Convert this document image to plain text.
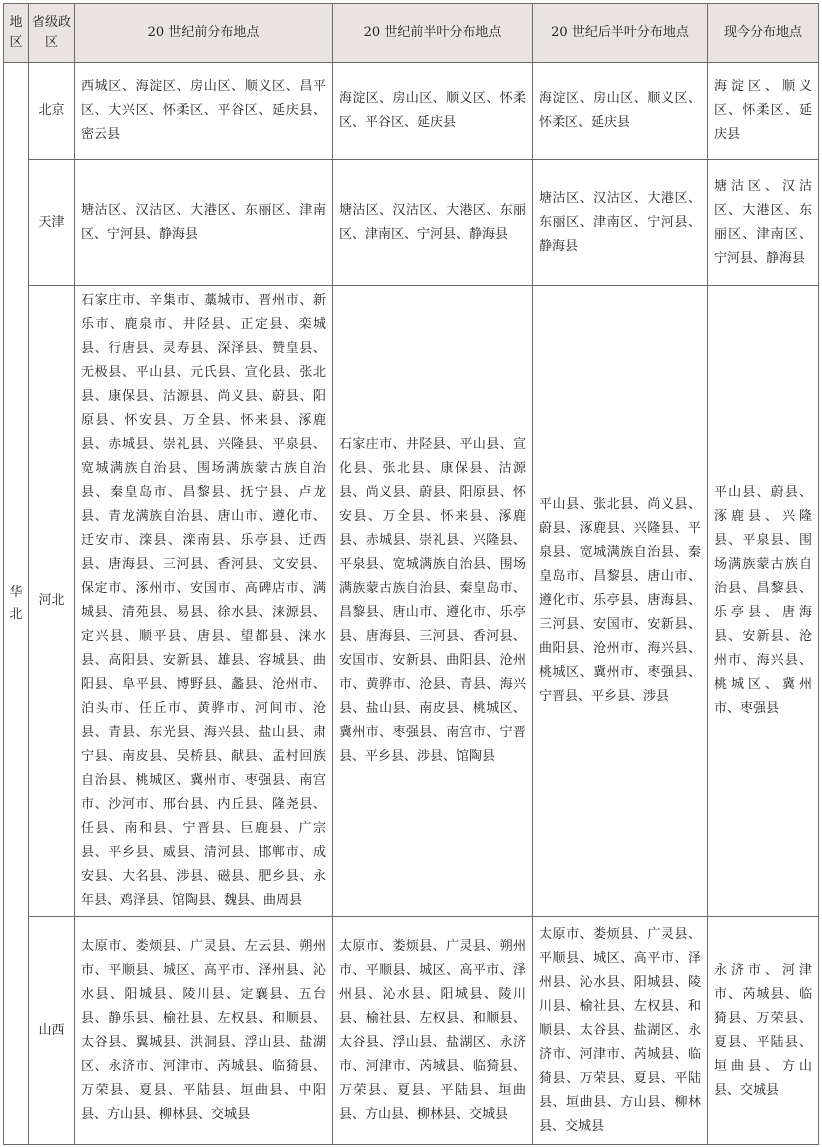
地区	省级政区	20 世纪前分布地点	20 世纪前半叶分布地点	20 世纪后半叶分布地点	现今分布地点

华北	北京	西城区、海淀区、房山区、顺义区、昌平区、大兴区、怀柔区、平谷区、延庆县、密云县	海淀区、房山区、顺义区、怀柔区、平谷区、延庆县	海淀区、房山区、顺义区、怀柔区、延庆县	海淀区、顺义区、怀柔区、延庆县
	天津	塘沽区、汉沽区、大港区、东丽区、津南区、宁河县、静海县	塘沽区、汉沽区、大港区、东丽区、津南区、宁河县、静海县	塘沽区、汉沽区、大港区、东丽区、津南区、宁河县、静海县	塘沽区、汉沽区、大港区、东丽区、津南区、宁河县、静海县
	河北	石家庄市、辛集市、藁城市、晋州市、新乐市、鹿泉市、井陉县、正定县、栾城县、行唐县、灵寿县、深泽县、赞皇县、无极县、平山县、元氏县、宣化县、张北县、康保县、沽源县、尚义县、蔚县、阳原县、怀安县、万全县、怀来县、涿鹿县、赤城县、崇礼县、兴隆县、平泉县、宽城满族自治县、围场满族蒙古族自治县、秦皇岛市、昌黎县、抚宁县、卢龙县、青龙满族自治县、唐山市、遵化市、迁安市、滦县、滦南县、乐亭县、迁西县、唐海县、三河县、香河县、文安县、保定市、涿州市、安国市、高碑店市、满城县、清苑县、易县、徐水县、涞源县、定兴县、顺平县、唐县、望都县、涞水县、高阳县、安新县、雄县、容城县、曲阳县、阜平县、博野县、蠡县、沧州市、泊头市、任丘市、黄骅市、河间市、沧县、青县、东光县、海兴县、盐山县、肃宁县、南皮县、吴桥县、献县、孟村回族自治县、桃城区、冀州市、枣强县、南宫市、沙河市、邢台县、内丘县、隆尧县、任县、南和县、宁晋县、巨鹿县、广宗县、平乡县、威县、清河县、邯郸市、成安县、大名县、涉县、磁县、肥乡县、永年县、鸡泽县、馆陶县、魏县、曲周县	石家庄市、井陉县、平山县、宣化县、张北县、康保县、沽源县、尚义县、蔚县、阳原县、怀安县、万全县、怀来县、涿鹿县、赤城县、崇礼县、兴隆县、平泉县、宽城满族自治县、围场满族蒙古族自治县、秦皇岛市、昌黎县、唐山市、遵化市、乐亭县、唐海县、三河县、香河县、安国市、安新县、曲阳县、沧州市、黄骅市、沧县、青县、海兴县、盐山县、南皮县、桃城区、冀州市、枣强县、南宫市、宁晋县、平乡县、涉县、馆陶县	平山县、张北县、尚义县、蔚县、涿鹿县、兴隆县、平泉县、宽城满族自治县、秦皇岛市、昌黎县、唐山市、遵化市、乐亭县、唐海县、三河县、安国市、安新县、曲阳县、沧州市、海兴县、桃城区、冀州市、枣强县、宁晋县、平乡县、涉县	平山县、蔚县、涿鹿县、兴隆县、平泉县、围场满族蒙古族自治县、昌黎县、乐亭县、唐海县、安新县、沧州市、海兴县、桃城区、冀州市、枣强县
	山西	太原市、娄烦县、广灵县、左云县、朔州市、平顺县、城区、高平市、泽州县、沁水县、阳城县、陵川县、定襄县、五台县、静乐县、榆社县、左权县、和顺县、太谷县、翼城县、洪洞县、浮山县、盐湖区、永济市、河津市、芮城县、临猗县、万荣县、夏县、平陆县、垣曲县、中阳县、方山县、柳林县、交城县	太原市、娄烦县、广灵县、朔州市、平顺县、城区、高平市、泽州县、沁水县、阳城县、陵川县、榆社县、左权县、和顺县、太谷县、浮山县、盐湖区、永济市、河津市、芮城县、临猗县、万荣县、夏县、平陆县、垣曲县、方山县、柳林县、交城县	太原市、娄烦县、广灵县、平顺县、城区、高平市、泽州县、沁水县、阳城县、陵川县、榆社县、左权县、和顺县、太谷县、盐湖区、永济市、河津市、芮城县、临猗县、万荣县、夏县、平陆县、垣曲县、方山县、柳林县、交城县	永济市、河津市、芮城县、临猗县、万荣县、夏县、平陆县、垣曲县、方山县、交城县
